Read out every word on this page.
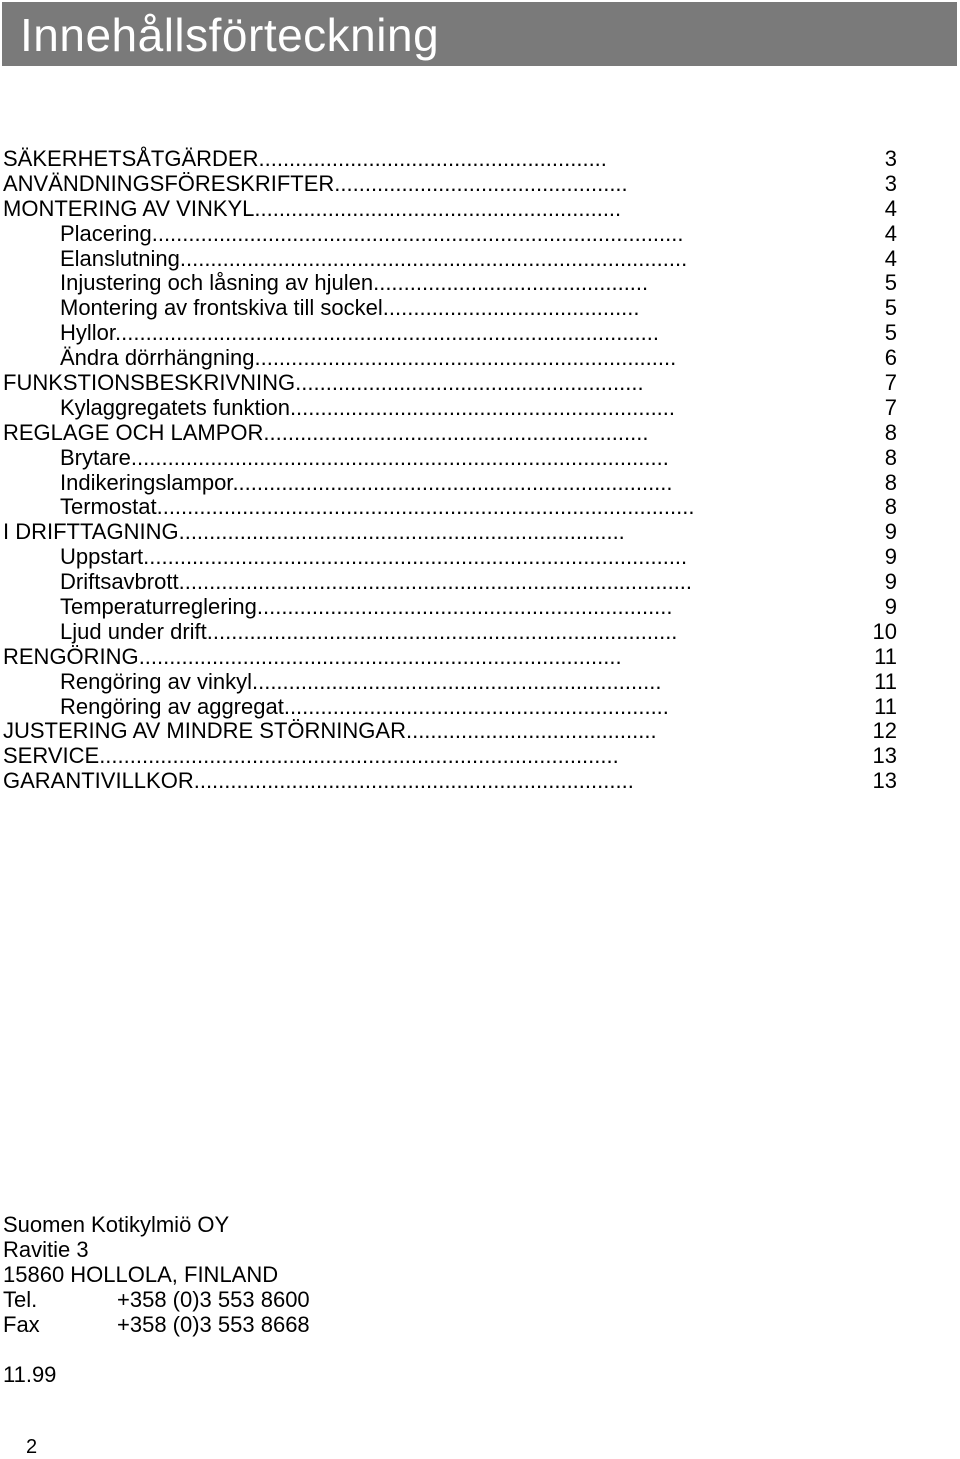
Innehållsförteckning
SÄKERHETSÅTGÄRDER.........................................................	3
ANVÄNDNINGSFÖRESKRIFTER................................................	3
MONTERING AV VINKYL............................................................	4
Placering.......................................................................................	4
Elanslutning...................................................................................	4
Injustering och låsning av hjulen.............................................	5
Montering av frontskiva till sockel..........................................	5
Hyllor.........................................................................................	5
Ändra dörrhängning.....................................................................	6
FUNKSTIONSBESKRIVNING.........................................................	7
Kylaggregatets funktion...............................................................	7
REGLAGE OCH LAMPOR...............................................................	8
Brytare........................................................................................	8
Indikeringslampor........................................................................	8
Termostat........................................................................................	8
I DRIFTTAGNING.........................................................................	9
Uppstart.........................................................................................	9
Driftsavbrott....................................................................................	9
Temperaturreglering....................................................................	9
Ljud under drift.............................................................................	10
RENGÖRING...............................................................................	11
Rengöring av vinkyl...................................................................	11
Rengöring av aggregat...............................................................	11
JUSTERING AV MINDRE STÖRNINGAR.........................................	12
SERVICE.....................................................................................	13
GARANTIVILLKOR........................................................................	13
Suomen Kotikylmiö OY
Ravitie 3
15860 HOLLOLA, FINLAND
Tel.	+358 (0)3 553 8600
Fax	+358 (0)3 553 8668
11.99
2
